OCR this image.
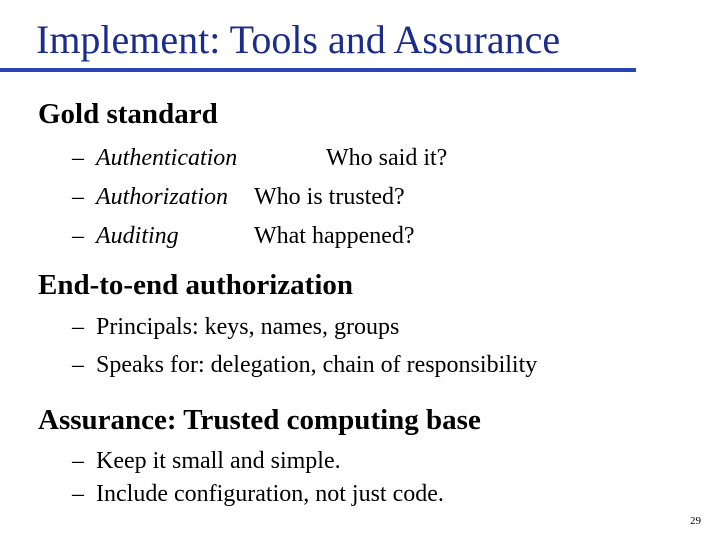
Implement: Tools and Assurance
Gold standard
– Authentication	Who said it?
– Authorization Who is trusted?
– Auditing	What happened?
End-to-end authorization
– Principals: keys, names, groups
– Speaks for: delegation, chain of responsibility
Assurance: Trusted computing base
– Keep it small and simple.
– Include configuration, not just code.
29
